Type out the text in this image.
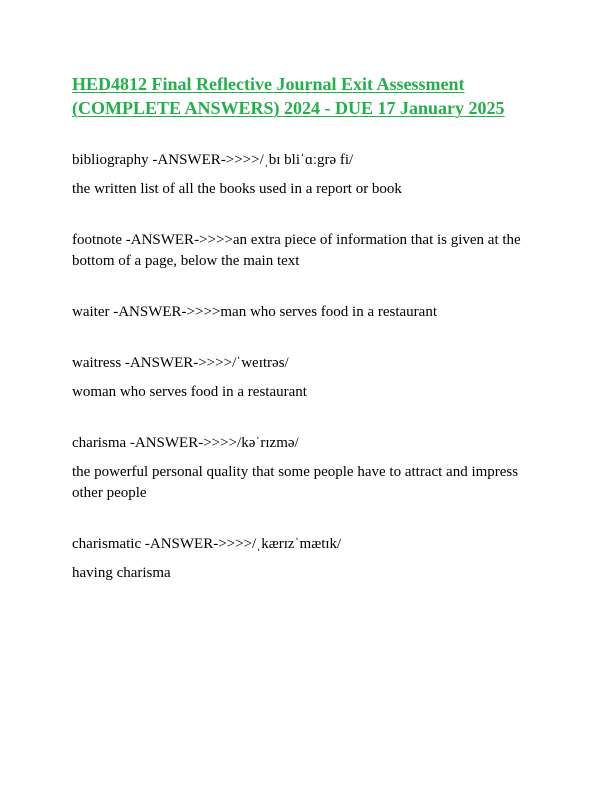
HED4812 Final Reflective Journal Exit Assessment (COMPLETE ANSWERS) 2024 - DUE 17 January 2025

bibliography -ANSWER->>>>/ˌbɪ bliˈɑːgrə fi/

the written list of all the books used in a report or book

footnote -ANSWER->>>>an extra piece of information that is given at the bottom of a page, below the main text

waiter -ANSWER->>>>man who serves food in a restaurant

waitress -ANSWER->>>>/ˈweɪtrəs/

woman who serves food in a restaurant

charisma -ANSWER->>>>/kəˈrɪzmə/

the powerful personal quality that some people have to attract and impress other people

charismatic -ANSWER->>>>/ˌkærɪzˈmætɪk/

having charisma
